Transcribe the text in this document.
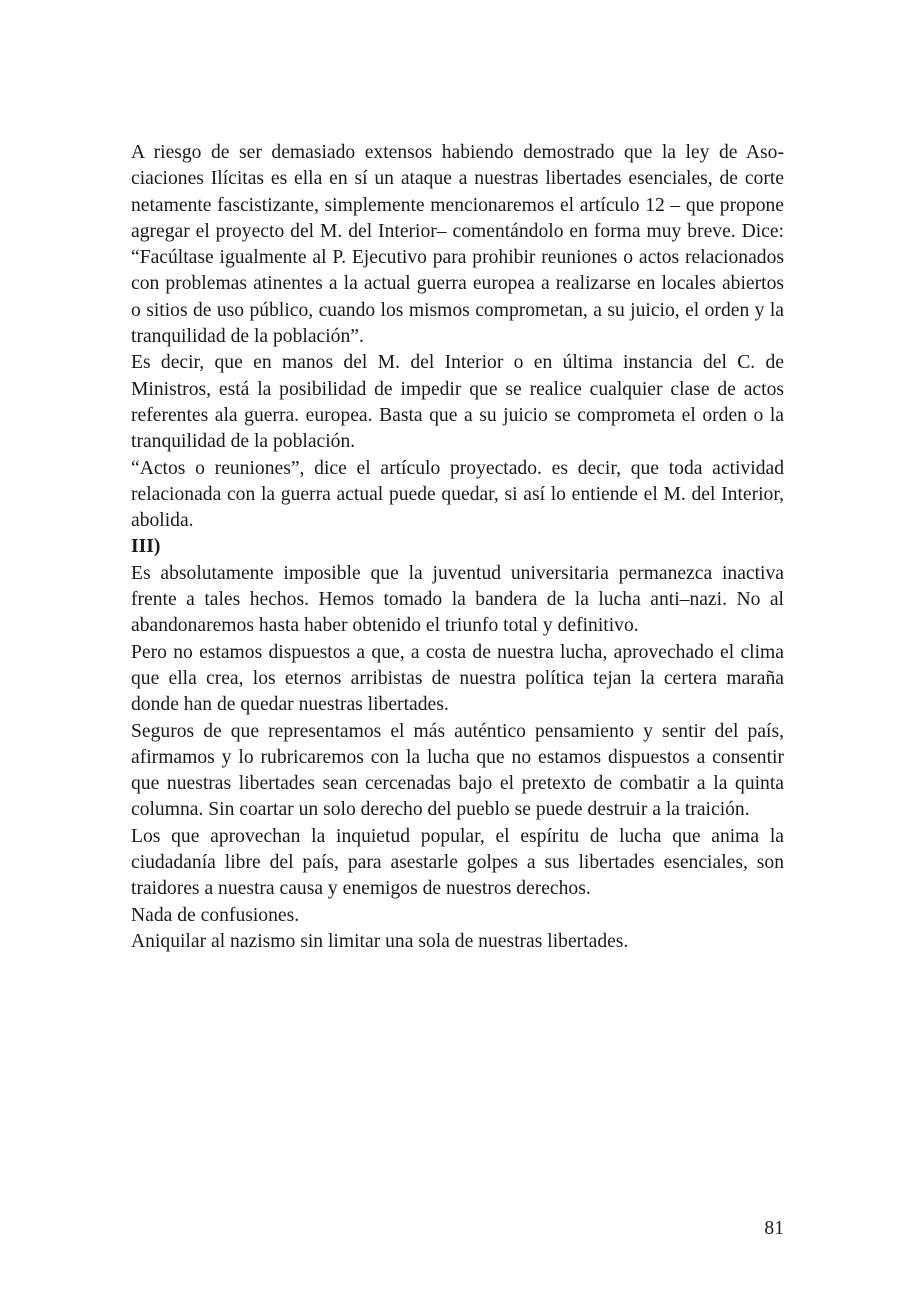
A riesgo de ser demasiado extensos habiendo demostrado que la ley de Asociaciones Ilícitas es ella en sí un ataque a nuestras libertades esenciales, de corte netamente fascistizante, simplemente mencionaremos el artículo 12 – que propone agregar el proyecto del M. del Interior– comentándolo en forma muy breve. Dice: “Facúltase igualmente al P. Ejecutivo para prohibir reuniones o actos relacionados con problemas atinentes a la actual guerra europea a realizarse en locales abiertos o sitios de uso público, cuando los mismos comprometan, a su juicio, el orden y la tranquilidad de la población”.

Es decir, que en manos del M. del Interior o en última instancia del C. de Ministros, está la posibilidad de impedir que se realice cualquier clase de actos referentes ala guerra. europea. Basta que a su juicio se comprometa el orden o la tranquilidad de la población.

“Actos o reuniones”, dice el artículo proyectado. es decir, que toda actividad relacionada con la guerra actual puede quedar, si así lo entiende el M. del Interior, abolida.

III)

Es absolutamente imposible que la juventud universitaria permanezca inactiva frente a tales hechos. Hemos tomado la bandera de la lucha anti–nazi. No al abandonaremos hasta haber obtenido el triunfo total y definitivo.

Pero no estamos dispuestos a que, a costa de nuestra lucha, aprovechado el clima que ella crea, los eternos arribistas de nuestra política tejan la certera maraña donde han de quedar nuestras libertades.

Seguros de que representamos el más auténtico pensamiento y sentir del país, afirmamos y lo rubricaremos con la lucha que no estamos dispuestos a consentir que nuestras libertades sean cercenadas bajo el pretexto de combatir a la quinta columna. Sin coartar un solo derecho del pueblo se puede destruir a la traición.

Los que aprovechan la inquietud popular, el espíritu de lucha que anima la ciudadanía libre del país, para asestarle golpes a sus libertades esenciales, son traidores a nuestra causa y enemigos de nuestros derechos.

Nada de confusiones.

Aniquilar al nazismo sin limitar una sola de nuestras libertades.

81
